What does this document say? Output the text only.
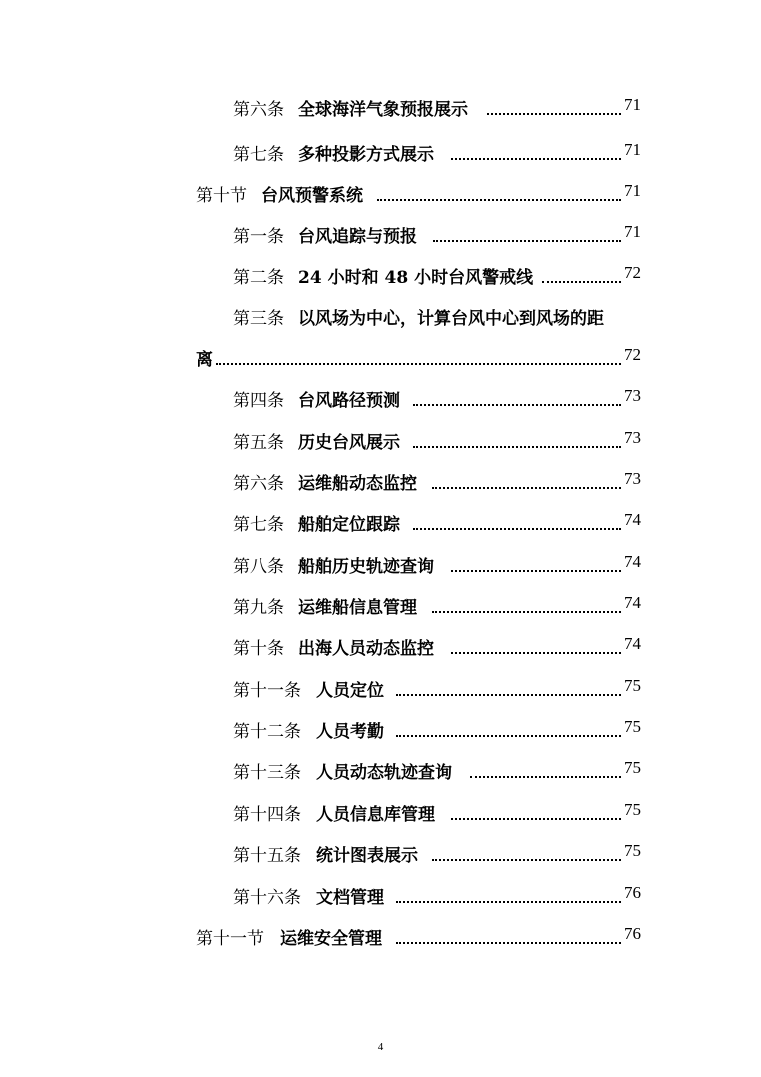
第六条 全球海洋气象预报展示	71
第七条 多种投影方式展示	71
第十节 台风预警系统	71
第一条 台风追踪与预报	71
第二条 24 小时和 48 小时台风警戒线	72
第三条 以风场为中心，计算台风中心到风场的距
离	72
第四条 台风路径预测	73
第五条 历史台风展示	73
第六条 运维船动态监控	73
第七条 船舶定位跟踪	74
第八条 船舶历史轨迹查询	74
第九条 运维船信息管理	74
第十条 出海人员动态监控	74
第十一条 人员定位	75
第十二条 人员考勤	75
第十三条 人员动态轨迹查询	75
第十四条 人员信息库管理	75
第十五条 统计图表展示	75
第十六条 文档管理	76
第十一节 运维安全管理	76
4
